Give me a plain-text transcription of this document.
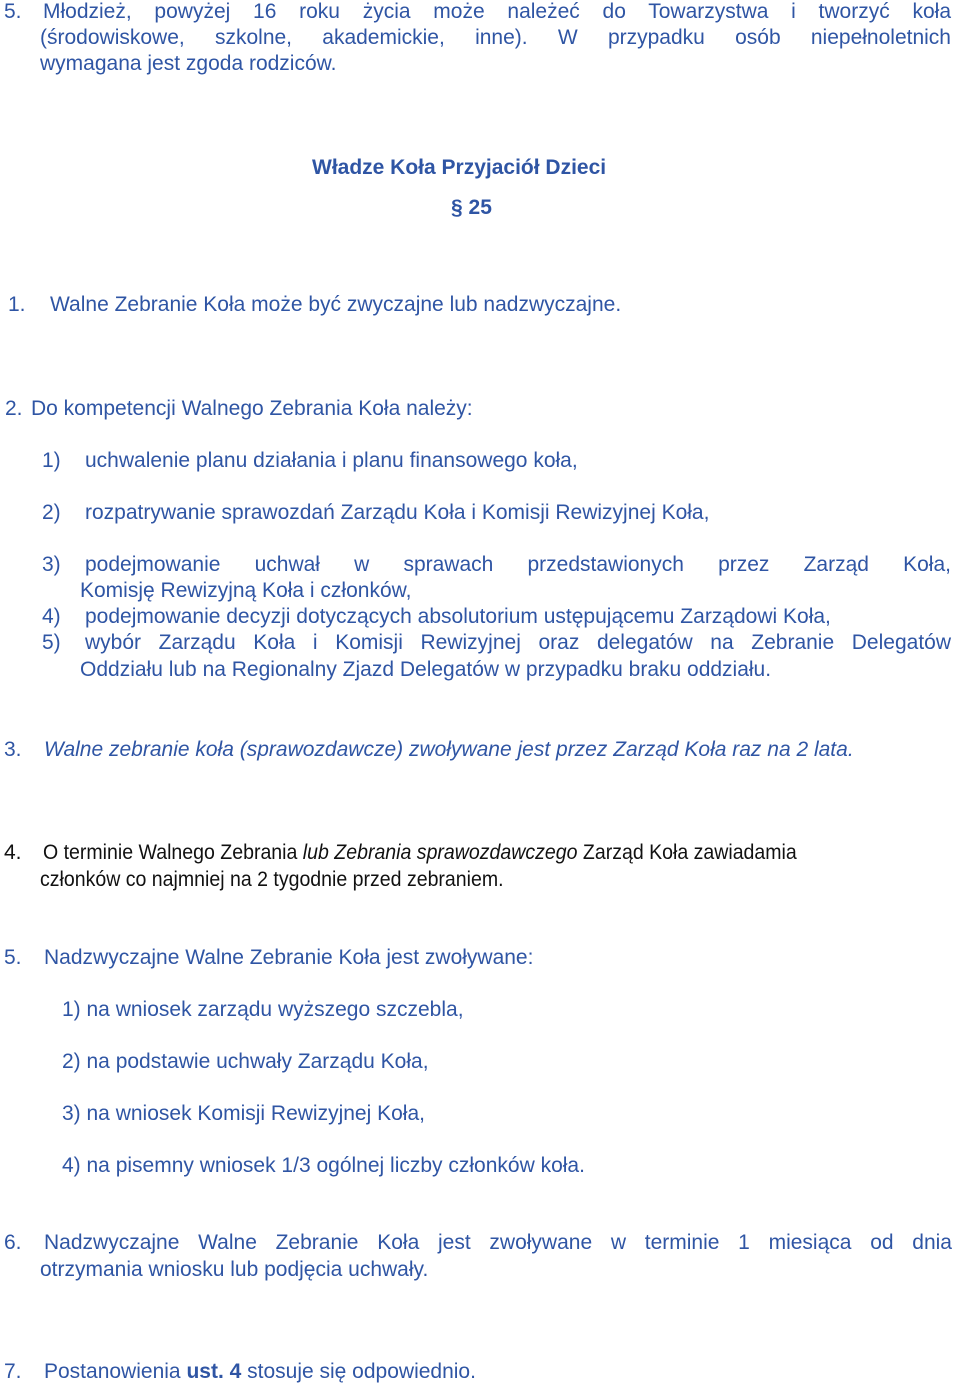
5. Młodzież, powyżej 16 roku życia może należeć do Towarzystwa i tworzyć koła
(środowiskowe, szkolne, akademickie, inne). W przypadku osób niepełnoletnich
wymagana jest zgoda rodziców.
Władze Koła Przyjaciół Dzieci
§ 25
1. Walne Zebranie Koła może być zwyczajne lub nadzwyczajne.
2. Do kompetencji Walnego Zebrania Koła należy:
1) uchwalenie planu działania i planu finansowego koła,
2) rozpatrywanie sprawozdań Zarządu Koła i Komisji Rewizyjnej Koła,
3) podejmowanie uchwał w sprawach przedstawionych przez Zarząd Koła,
Komisję Rewizyjną Koła i członków,
4) podejmowanie decyzji dotyczących absolutorium ustępującemu Zarządowi Koła,
5) wybór Zarządu Koła i Komisji Rewizyjnej oraz delegatów na Zebranie Delegatów
Oddziału lub na Regionalny Zjazd Delegatów w przypadku braku oddziału.
3. Walne zebranie koła (sprawozdawcze) zwoływane jest przez Zarząd Koła raz na 2 lata.
4. O terminie Walnego Zebrania lub Zebrania sprawozdawczego Zarząd Koła zawiadamia
członków co najmniej na 2 tygodnie przed zebraniem.
5. Nadzwyczajne Walne Zebranie Koła jest zwoływane:
1) na wniosek zarządu wyższego szczebla,
2) na podstawie uchwały Zarządu Koła,
3) na wniosek Komisji Rewizyjnej Koła,
4) na pisemny wniosek 1/3 ogólnej liczby członków koła.
6. Nadzwyczajne Walne Zebranie Koła jest zwoływane w terminie 1 miesiąca od dnia
otrzymania wniosku lub podjęcia uchwały.
7. Postanowienia ust. 4 stosuje się odpowiednio.
